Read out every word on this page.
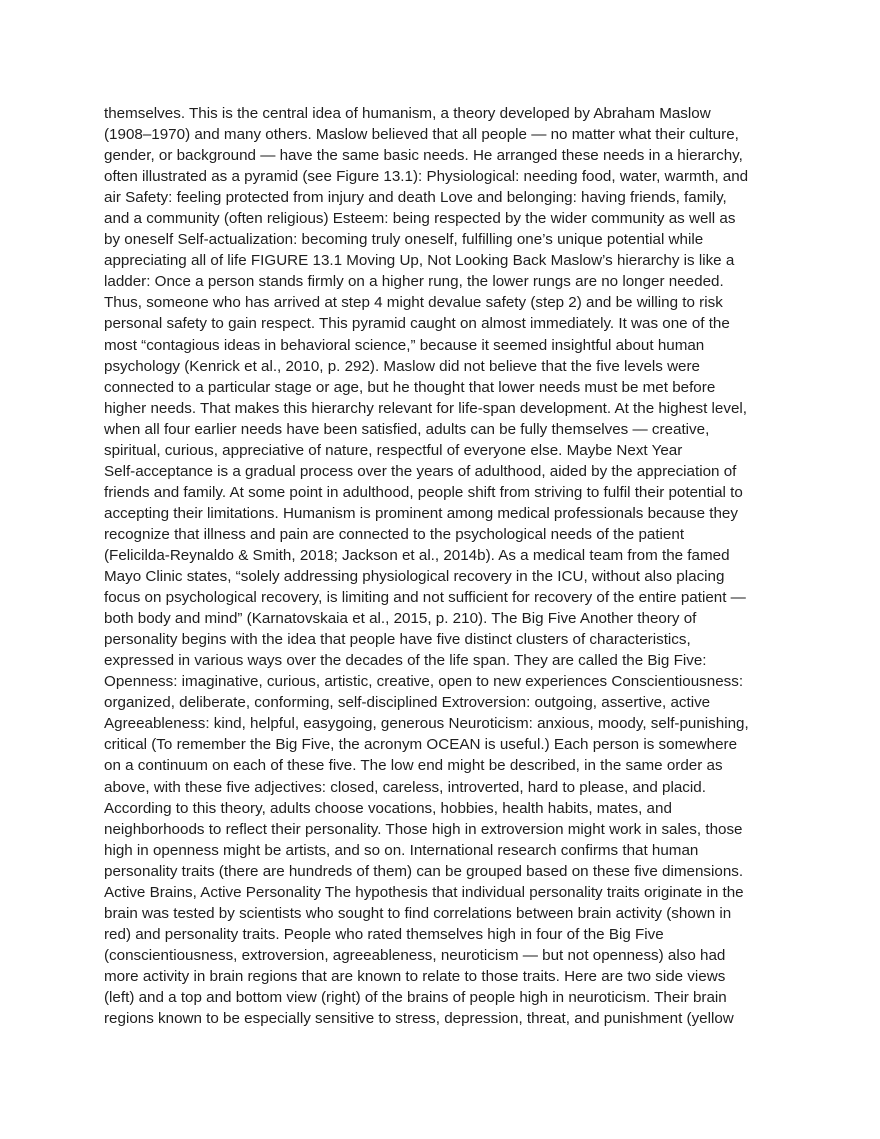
themselves. This is the central idea of humanism, a theory developed by Abraham Maslow
(1908–1970) and many others. Maslow believed that all people — no matter what their culture,
gender, or background — have the same basic needs. He arranged these needs in a hierarchy,
often illustrated as a pyramid (see Figure 13.1): Physiological: needing food, water, warmth, and
air Safety: feeling protected from injury and death Love and belonging: having friends, family,
and a community (often religious) Esteem: being respected by the wider community as well as
by oneself Self-actualization: becoming truly oneself, fulfilling one’s unique potential while
appreciating all of life FIGURE 13.1 Moving Up, Not Looking Back Maslow’s hierarchy is like a
ladder: Once a person stands firmly on a higher rung, the lower rungs are no longer needed.
Thus, someone who has arrived at step 4 might devalue safety (step 2) and be willing to risk
personal safety to gain respect. This pyramid caught on almost immediately. It was one of the
most “contagious ideas in behavioral science,” because it seemed insightful about human
psychology (Kenrick et al., 2010, p. 292). Maslow did not believe that the five levels were
connected to a particular stage or age, but he thought that lower needs must be met before
higher needs. That makes this hierarchy relevant for life-span development. At the highest level,
when all four earlier needs have been satisfied, adults can be fully themselves — creative,
spiritual, curious, appreciative of nature, respectful of everyone else. Maybe Next Year
Self-acceptance is a gradual process over the years of adulthood, aided by the appreciation of
friends and family. At some point in adulthood, people shift from striving to fulfil their potential to
accepting their limitations. Humanism is prominent among medical professionals because they
recognize that illness and pain are connected to the psychological needs of the patient
(Felicilda-Reynaldo & Smith, 2018; Jackson et al., 2014b). As a medical team from the famed
Mayo Clinic states, “solely addressing physiological recovery in the ICU, without also placing
focus on psychological recovery, is limiting and not sufficient for recovery of the entire patient —
both body and mind” (Karnatovskaia et al., 2015, p. 210). The Big Five Another theory of
personality begins with the idea that people have five distinct clusters of characteristics,
expressed in various ways over the decades of the life span. They are called the Big Five:
Openness: imaginative, curious, artistic, creative, open to new experiences Conscientiousness:
organized, deliberate, conforming, self-disciplined Extroversion: outgoing, assertive, active
Agreeableness: kind, helpful, easygoing, generous Neuroticism: anxious, moody, self-punishing,
critical (To remember the Big Five, the acronym OCEAN is useful.) Each person is somewhere
on a continuum on each of these five. The low end might be described, in the same order as
above, with these five adjectives: closed, careless, introverted, hard to please, and placid.
According to this theory, adults choose vocations, hobbies, health habits, mates, and
neighborhoods to reflect their personality. Those high in extroversion might work in sales, those
high in openness might be artists, and so on. International research confirms that human
personality traits (there are hundreds of them) can be grouped based on these five dimensions.
Active Brains, Active Personality The hypothesis that individual personality traits originate in the
brain was tested by scientists who sought to find correlations between brain activity (shown in
red) and personality traits. People who rated themselves high in four of the Big Five
(conscientiousness, extroversion, agreeableness, neuroticism — but not openness) also had
more activity in brain regions that are known to relate to those traits. Here are two side views
(left) and a top and bottom view (right) of the brains of people high in neuroticism. Their brain
regions known to be especially sensitive to stress, depression, threat, and punishment (yellow
